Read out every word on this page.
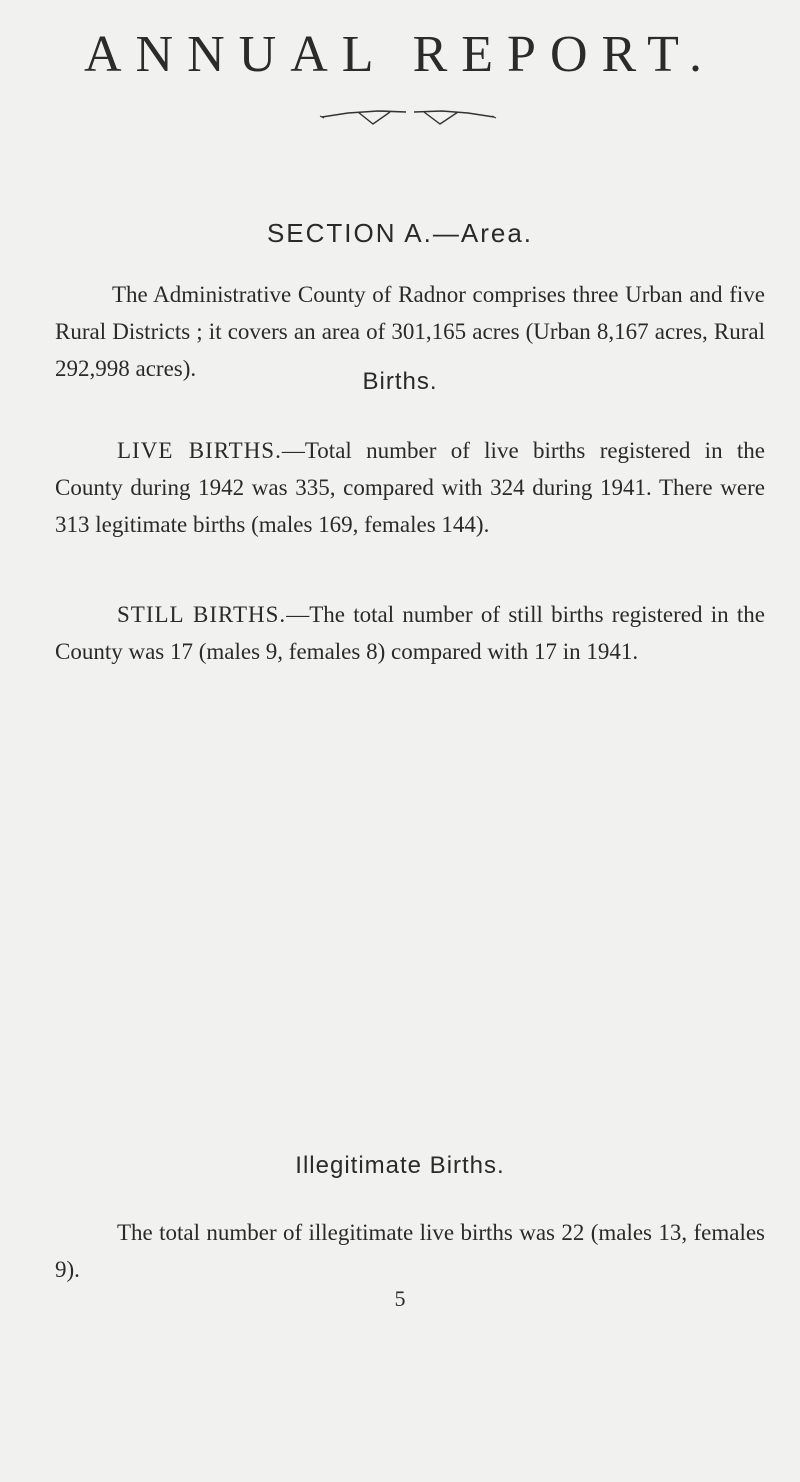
ANNUAL REPORT.
SECTION A.—Area.

The Administrative County of Radnor comprises three Urban and five Rural Districts ; it covers an area of 301,165 acres (Urban 8,167 acres, Rural 292,998 acres).	Births.

LIVE BIRTHS.—Total number of live births registered in the County during 1942 was 335, compared with 324 during 1941. There were 313 legitimate births (males 169, females 144).

STILL BIRTHS.—The total number of still births registered in the County was 17 (males 9, females 8) compared with 17 in 1941.

Illegitimate Births.

The total number of illegitimate live births was 22 (males 13, females 9).

5
